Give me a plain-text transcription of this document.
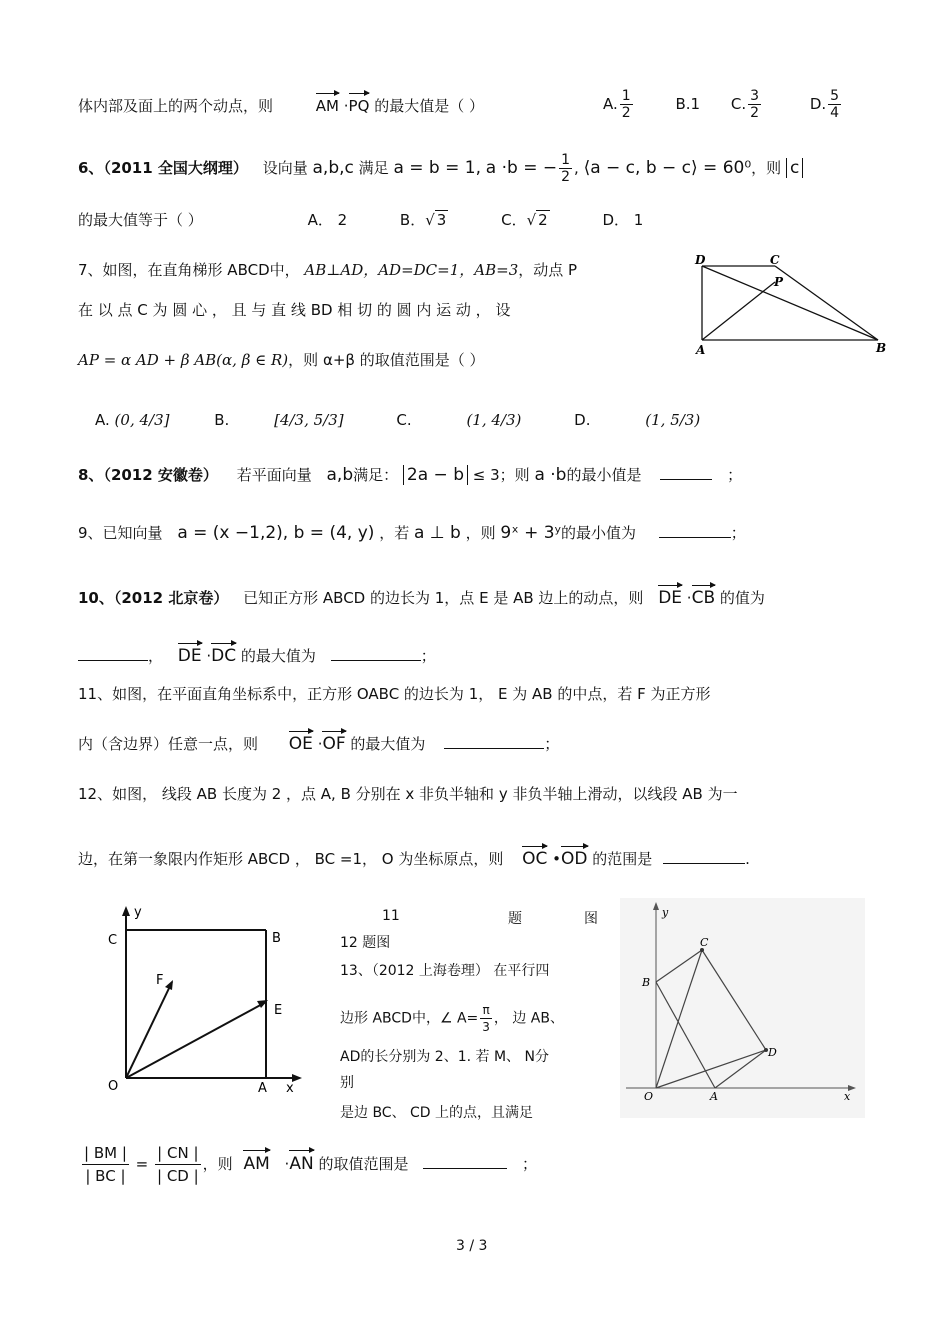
体内部及面上的两个动点，则	AM ·PQ 的最大值是（ ）	A. $\frac{1}{2}$	B.1 C. $\frac{3}{2}$	D. $\frac{5}{4}$
6、（2011 全国大纲理） 设向量 a,b,c 满足 a = b = 1, a ·b = − $\frac{1}{2}$ , ⟨a − c, b − c⟩ = 60⁰，则 c
的最大值等于（ ）	A． 2	B．√ 3	C．√ 2	D． 1
7、如图，在直角梯形 ABCD中， AB⊥AD，AD=DC=1，AB=3，动点 P
在 以 点 C 为 圆 心 ， 且 与 直 线 BD 相 切 的 圆 内 运 动 ， 设
AP = α AD + β AB(α, β ∈ R)，则 α+β 的取值范围是（ ）
A. (0, 4/3]	B.	[4/3, 5/3]	C.	(1, 4/3)	D.	(1, 5/3)
D	C
P
A	B
8、（2012 安徽卷） 若平面向量 a,b满足： 2a − b ≤ 3；则 a ·b的最小值是	；
9、已知向量 a = (x −1,2), b = (4, y) ，若 a ⊥ b ，则 9ˣ + 3ʸ的最小值为	；
10、（2012 北京卷） 已知正方形 ABCD 的边长为 1，点 E 是 AB 边上的动点，则 DE ·CB 的值为
， DE ·DC 的最大值为	；
11、如图，在平面直角坐标系中，正方形 OABC 的边长为 1， E 为 AB 的中点，若 F 为正方形
内（含边界）任意一点，则 OE ·OF 的最大值为	；
12、如图， 线段 AB 长度为 2 ，点 A, B 分别在 x 非负半轴和 y 非负半轴上滑动，以线段 AB 为一
边，在第一象限内作矩形 ABCD ， BC =1， O 为坐标原点，则 OC •OD 的范围是	.
y
C	B
F
E
O	A x
11	题	图
12 题图
13、（2012 上海卷理） 在平行四
边形 ABCD中，∠ $A= \frac{\pi}{3}$ ， 边 AB、
AD的长分别为 2、1. 若 M、 N分
别
是边 BC、 CD 上的点，且满足
y
C
B
D
O	A	x
$\frac{| BM |}{| BC |} = \frac{| CN |}{| CD |}$ ，则 AM ·AN 的取值范围是	；
3 / 3
